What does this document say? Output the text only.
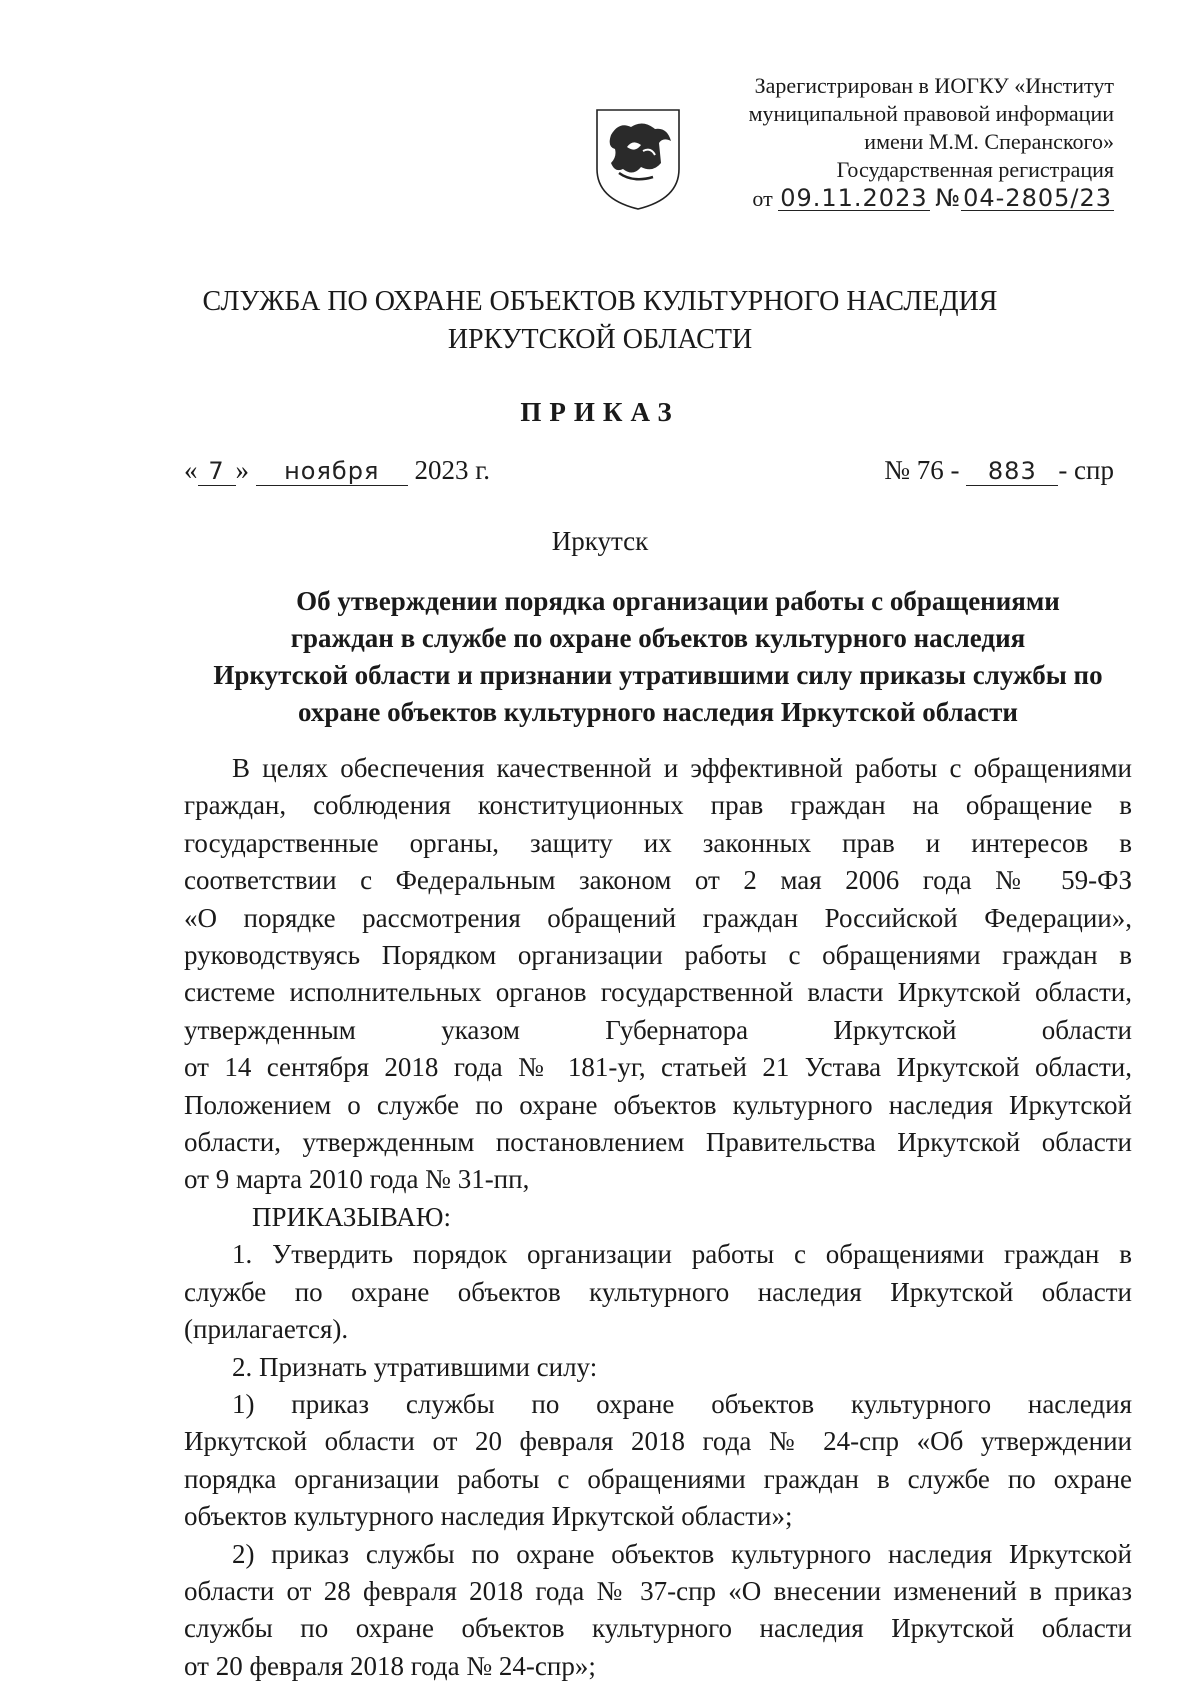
Зарегистрирован в ИОГКУ «Институт
муниципальной правовой информации
имени М.М. Сперанского»
Государственная регистрация
от 09.11.2023 №04-2805/23
СЛУЖБА ПО ОХРАНЕ ОБЪЕКТОВ КУЛЬТУРНОГО НАСЛЕДИЯ
ИРКУТСКОЙ ОБЛАСТИ
ПРИКАЗ
« 7 » ноября 2023 г.	№ 76 - 883 - спр
Иркутск
Об утверждении порядка организации работы с обращениями
граждан в службе по охране объектов культурного наследия
Иркутской области и признании утратившими силу приказы службы по
охране объектов культурного наследия Иркутской области
В целях обеспечения качественной и эффективной работы с обращениями
граждан, соблюдения конституционных прав граждан на обращение в
государственные органы, защиту их законных прав и интересов в
соответствии с Федеральным законом от 2 мая 2006 года № 59-ФЗ
«О порядке рассмотрения обращений граждан Российской Федерации»,
руководствуясь Порядком организации работы с обращениями граждан в
системе исполнительных органов государственной власти Иркутской области,
утвержденным указом Губернатора Иркутской области
от 14 сентября 2018 года № 181-уг, статьей 21 Устава Иркутской области,
Положением о службе по охране объектов культурного наследия Иркутской
области, утвержденным постановлением Правительства Иркутской области
от 9 марта 2010 года № 31-пп,
ПРИКАЗЫВАЮ:
1. Утвердить порядок организации работы с обращениями граждан в
службе по охране объектов культурного наследия Иркутской области
(прилагается).
2. Признать утратившими силу:
1) приказ службы по охране объектов культурного наследия
Иркутской области от 20 февраля 2018 года № 24-спр «Об утверждении
порядка организации работы с обращениями граждан в службе по охране
объектов культурного наследия Иркутской области»;
2) приказ службы по охране объектов культурного наследия Иркутской
области от 28 февраля 2018 года № 37-спр «О внесении изменений в приказ
службы по охране объектов культурного наследия Иркутской области
от 20 февраля 2018 года № 24-спр»;
